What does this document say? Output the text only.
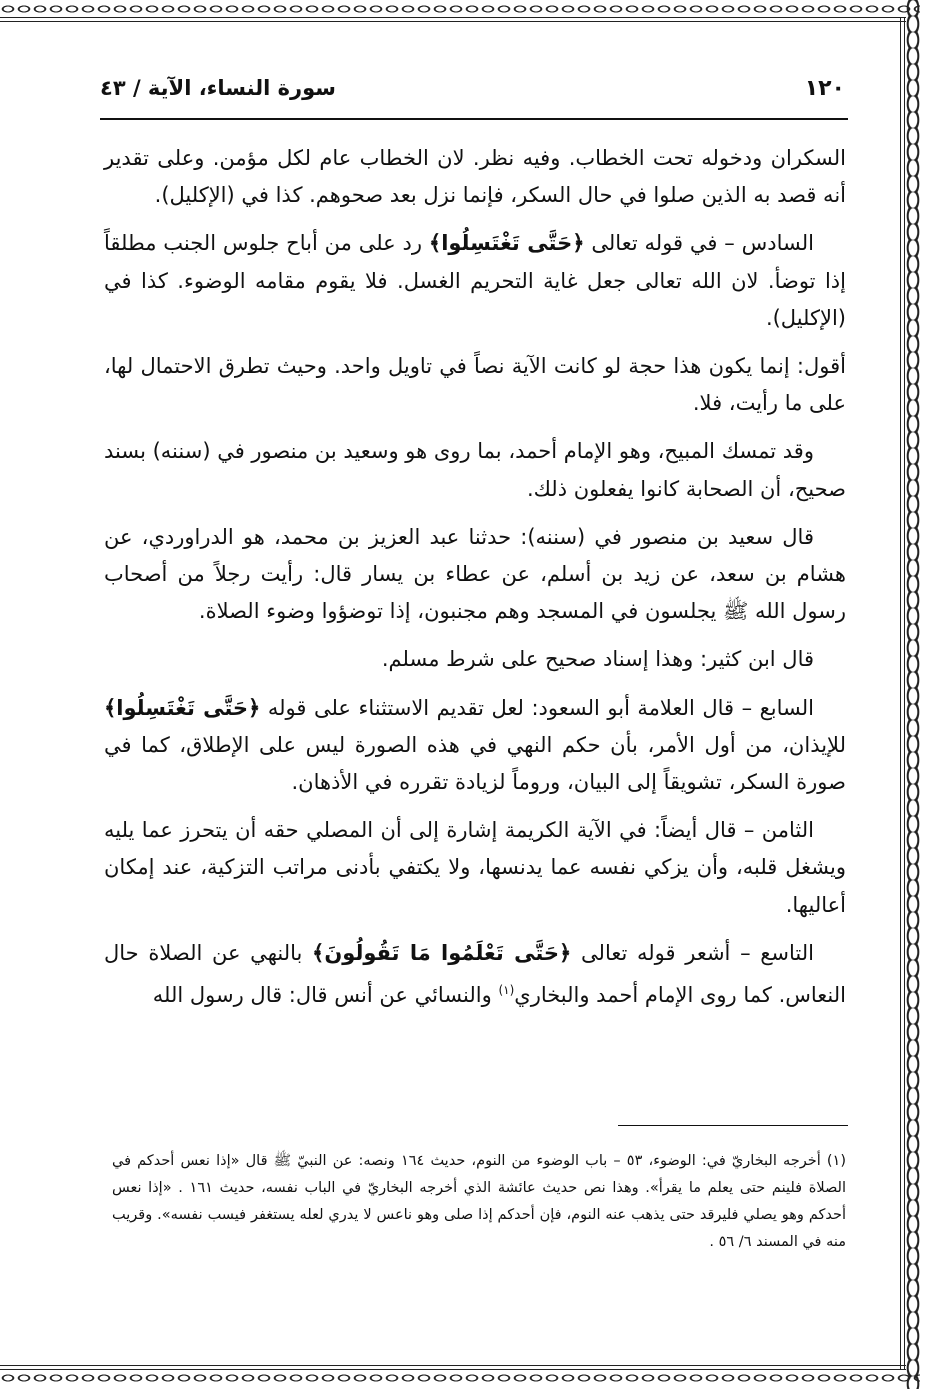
١٢٠
سورة النساء، الآية / ٤٣

السكران ودخوله تحت الخطاب. وفيه نظر. لان الخطاب عام لكل مؤمن. وعلى تقدير أنه قصد به الذين صلوا في حال السكر، فإنما نزل بعد صحوهم. كذا في (الإكليل).

السادس – في قوله تعالى ﴿حَتَّى تَغْتَسِلُوا﴾ رد على من أباح جلوس الجنب مطلقاً إذا توضأ. لان الله تعالى جعل غاية التحريم الغسل. فلا يقوم مقامه الوضوء. كذا في (الإكليل).

أقول: إنما يكون هذا حجة لو كانت الآية نصاً في تاويل واحد. وحيث تطرق الاحتمال لها، على ما رأيت، فلا.

وقد تمسك المبيح، وهو الإمام أحمد، بما روى هو وسعيد بن منصور في (سننه) بسند صحيح، أن الصحابة كانوا يفعلون ذلك.

قال سعيد بن منصور في (سننه): حدثنا عبد العزيز بن محمد، هو الدراوردي، عن هشام بن سعد، عن زيد بن أسلم، عن عطاء بن يسار قال: رأيت رجلاً من أصحاب رسول الله ﷺ يجلسون في المسجد وهم مجنبون، إذا توضؤوا وضوء الصلاة.

قال ابن كثير: وهذا إسناد صحيح على شرط مسلم.

السابع – قال العلامة أبو السعود: لعل تقديم الاستثناء على قوله ﴿حَتَّى تَغْتَسِلُوا﴾ للإيذان، من أول الأمر، بأن حكم النهي في هذه الصورة ليس على الإطلاق، كما في صورة السكر، تشويقاً إلى البيان، وروماً لزيادة تقرره في الأذهان.

الثامن – قال أيضاً: في الآية الكريمة إشارة إلى أن المصلي حقه أن يتحرز عما يليه ويشغل قلبه، وأن يزكي نفسه عما يدنسها، ولا يكتفي بأدنى مراتب التزكية، عند إمكان أعاليها.

التاسع – أشعر قوله تعالى ﴿حَتَّى تَعْلَمُوا مَا تَقُولُونَ﴾ بالنهي عن الصلاة حال النعاس. كما روى الإمام أحمد والبخاري$^{(١)}$ والنسائي عن أنس قال: قال رسول الله

(١) أخرجه البخاريّ في: الوضوء، ٥٣ – باب الوضوء من النوم، حديث ١٦٤ ونصه: عن النبيّ ﷺ قال «إذا نعس أحدكم في الصلاة فلينم حتى يعلم ما يقرأ». وهذا نص حديث عائشة الذي أخرجه البخاريّ في الباب نفسه، حديث ١٦١ . «إذا نعس أحدكم وهو يصلي فليرقد حتى يذهب عنه النوم، فإن أحدكم إذا صلى وهو ناعس لا يدري لعله يستغفر فيسب نفسه». وقريب منه في المسند ٦/ ٥٦ .
